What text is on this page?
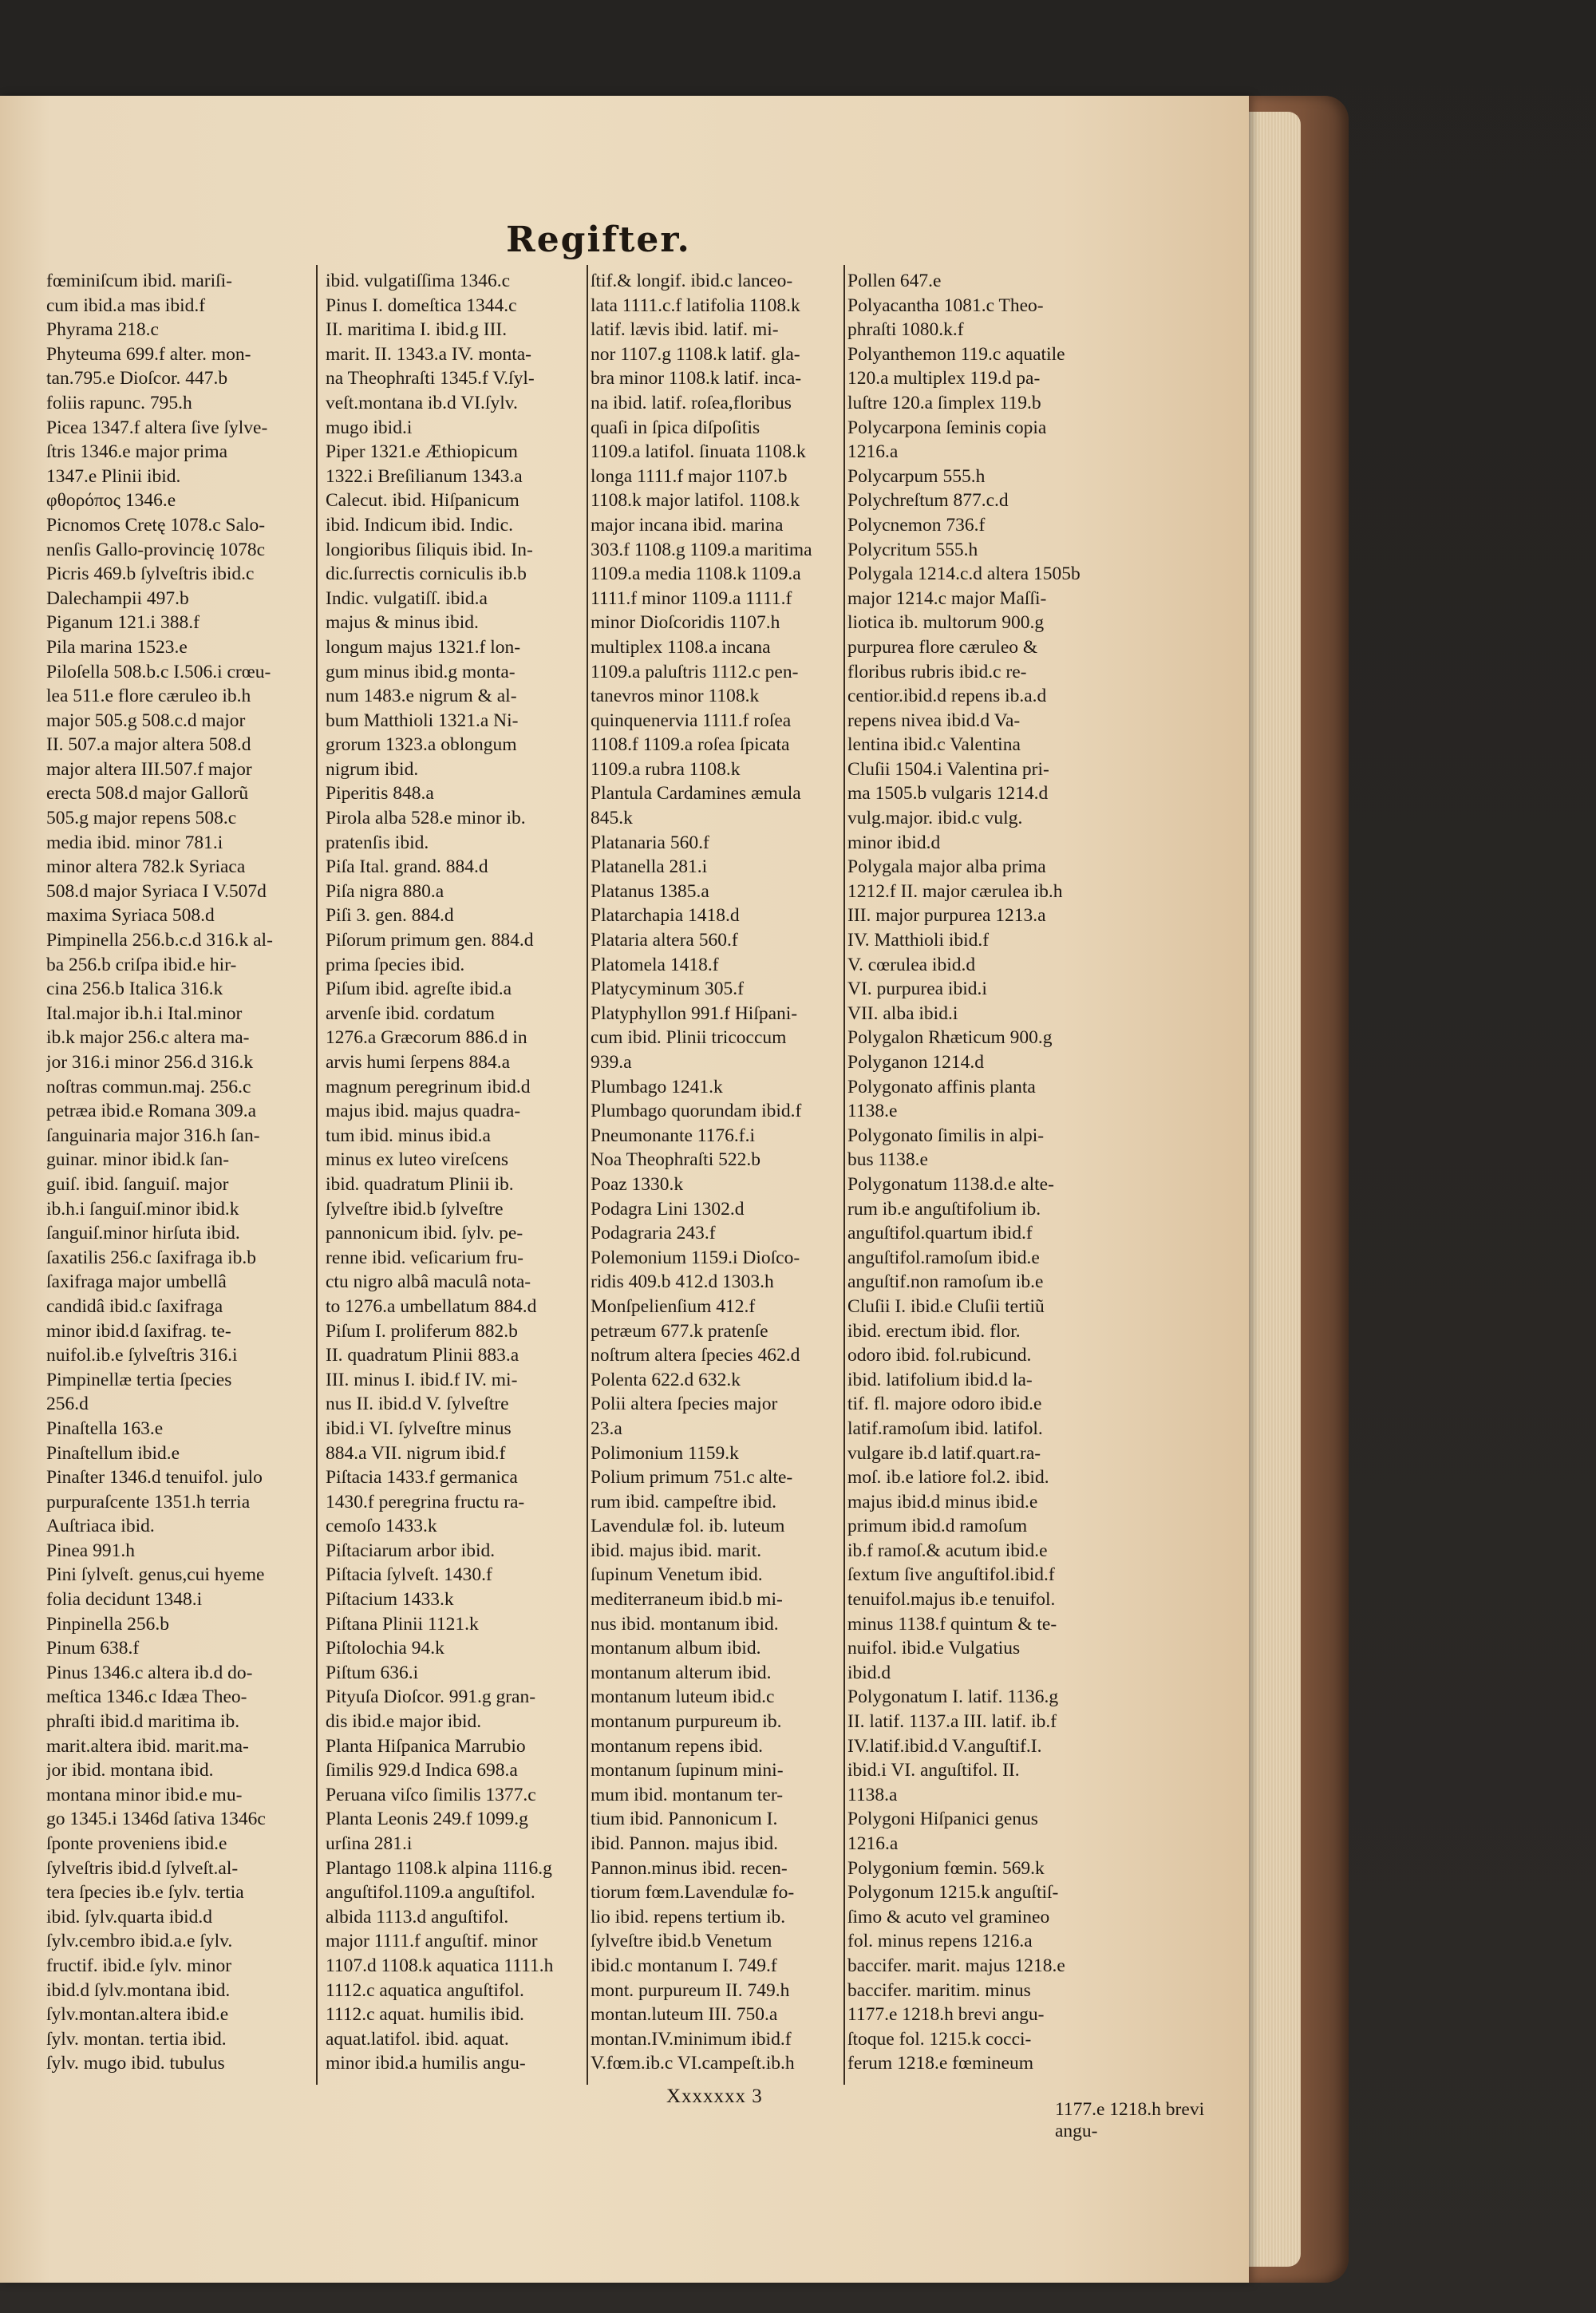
Regifter.
fœminiſcum ibid. mariſi-
cum ibid.a mas ibid.f
Phyrama 218.c
Phyteuma 699.f alter. mon-
tan.795.e Dioſcor. 447.b
foliis rapunc. 795.h
Picea 1347.f altera ſive ſylve-
ſtris 1346.e major prima
1347.e Plinii ibid.
φθορόπος 1346.e
Picnomos Cretę 1078.c Salo-
nenſis Gallo-provincię 1078c
Picris 469.b ſylveſtris ibid.c
Dalechampii 497.b
Piganum 121.i 388.f
Pila marina 1523.e
Piloſella 508.b.c I.506.i crœu-
lea 511.e flore cæruleo ib.h
major 505.g 508.c.d major
II. 507.a major altera 508.d
major altera III.507.f major
erecta 508.d major Gallorũ
505.g major repens 508.c
media ibid. minor 781.i
minor altera 782.k Syriaca
508.d major Syriaca I V.507d
maxima Syriaca 508.d
Pimpinella 256.b.c.d 316.k al-
ba 256.b criſpa ibid.e hir-
cina 256.b Italica 316.k
Ital.major ib.h.i Ital.minor
ib.k major 256.c altera ma-
jor 316.i minor 256.d 316.k
noſtras commun.maj. 256.c
petræa ibid.e Romana 309.a
ſanguinaria major 316.h ſan-
guinar. minor ibid.k ſan-
guiſ. ibid. ſanguiſ. major
ib.h.i ſanguiſ.minor ibid.k
ſanguiſ.minor hirſuta ibid.
ſaxatilis 256.c ſaxifraga ib.b
ſaxifraga major umbellâ
candidâ ibid.c ſaxifraga
minor ibid.d ſaxifrag. te-
nuifol.ib.e ſylveſtris 316.i
Pimpinellæ tertia ſpecies
256.d
Pinaſtella 163.e
Pinaſtellum ibid.e
Pinaſter 1346.d tenuifol. julo
purpuraſcente 1351.h terria
Auſtriaca ibid.
Pinea 991.h
Pini ſylveſt. genus,cui hyeme
folia decidunt 1348.i
Pinpinella 256.b
Pinum 638.f
Pinus 1346.c altera ib.d do-
meſtica 1346.c Idæa Theo-
phraſti ibid.d maritima ib.
marit.altera ibid. marit.ma-
jor ibid. montana ibid.
montana minor ibid.e mu-
go 1345.i 1346d ſativa 1346c
ſponte proveniens ibid.e
ſylveſtris ibid.d ſylveſt.al-
tera ſpecies ib.e ſylv. tertia
ibid. ſylv.quarta ibid.d
ſylv.cembro ibid.a.e ſylv.
fructif. ibid.e ſylv. minor
ibid.d ſylv.montana ibid.
ſylv.montan.altera ibid.e
ſylv. montan. tertia ibid.
ſylv. mugo ibid. tubulus
ibid. vulgatiſſima 1346.c
Pinus I. domeſtica 1344.c
II. maritima I. ibid.g III.
marit. II. 1343.a IV. monta-
na Theophraſti 1345.f V.ſyl-
veſt.montana ib.d VI.ſylv.
mugo ibid.i
Piper 1321.e Æthiopicum
1322.i Breſilianum 1343.a
Calecut. ibid. Hiſpanicum
ibid. Indicum ibid. Indic.
longioribus ſiliquis ibid. In-
dic.ſurrectis corniculis ib.b
Indic. vulgatiſſ. ibid.a
majus & minus ibid.
longum majus 1321.f lon-
gum minus ibid.g monta-
num 1483.e nigrum & al-
bum Matthioli 1321.a Ni-
grorum 1323.a oblongum
nigrum ibid.
Piperitis 848.a
Pirola alba 528.e minor ib.
pratenſis ibid.
Piſa Ital. grand. 884.d
Piſa nigra 880.a
Piſi 3. gen. 884.d
Piſorum primum gen. 884.d
prima ſpecies ibid.
Piſum ibid. agreſte ibid.a
arvenſe ibid. cordatum
1276.a Græcorum 886.d in
arvis humi ſerpens 884.a
magnum peregrinum ibid.d
majus ibid. majus quadra-
tum ibid. minus ibid.a
minus ex luteo vireſcens
ibid. quadratum Plinii ib.
ſylveſtre ibid.b ſylveſtre
pannonicum ibid. ſylv. pe-
renne ibid. veſicarium fru-
ctu nigro albâ maculâ nota-
to 1276.a umbellatum 884.d
Piſum I. proliferum 882.b
II. quadratum Plinii 883.a
III. minus I. ibid.f IV. mi-
nus II. ibid.d V. ſylveſtre
ibid.i VI. ſylveſtre minus
884.a VII. nigrum ibid.f
Piſtacia 1433.f germanica
1430.f peregrina fructu ra-
cemoſo 1433.k
Piſtaciarum arbor ibid.
Piſtacia ſylveſt. 1430.f
Piſtacium 1433.k
Piſtana Plinii 1121.k
Piſtolochia 94.k
Piſtum 636.i
Pityuſa Dioſcor. 991.g gran-
dis ibid.e major ibid.
Planta Hiſpanica Marrubio
ſimilis 929.d Indica 698.a
Peruana viſco ſimilis 1377.c
Planta Leonis 249.f 1099.g
urſina 281.i
Plantago 1108.k alpina 1116.g
anguſtifol.1109.a anguſtifol.
albida 1113.d anguſtifol.
major 1111.f anguſtif. minor
1107.d 1108.k aquatica 1111.h
1112.c aquatica anguſtifol.
1112.c aquat. humilis ibid.
aquat.latifol. ibid. aquat.
minor ibid.a humilis angu-
ſtif.& longif. ibid.c lanceo-
lata 1111.c.f latifolia 1108.k
latif. lævis ibid. latif. mi-
nor 1107.g 1108.k latif. gla-
bra minor 1108.k latif. inca-
na ibid. latif. roſea,floribus
quaſi in ſpica diſpoſitis
1109.a latifol. ſinuata 1108.k
longa 1111.f major 1107.b
1108.k major latifol. 1108.k
major incana ibid. marina
303.f 1108.g 1109.a maritima
1109.a media 1108.k 1109.a
1111.f minor 1109.a 1111.f
minor Dioſcoridis 1107.h
multiplex 1108.a incana
1109.a paluſtris 1112.c pen-
tanevros minor 1108.k
quinquenervia 1111.f roſea
1108.f 1109.a roſea ſpicata
1109.a rubra 1108.k
Plantula Cardamines æmula
845.k
Platanaria 560.f
Platanella 281.i
Platanus 1385.a
Platarchapia 1418.d
Plataria altera 560.f
Platomela 1418.f
Platycyminum 305.f
Platyphyllon 991.f Hiſpani-
cum ibid. Plinii tricoccum
939.a
Plumbago 1241.k
Plumbago quorundam ibid.f
Pneumonante 1176.f.i
Noa Theophraſti 522.b
Poaz 1330.k
Podagra Lini 1302.d
Podagraria 243.f
Polemonium 1159.i Dioſco-
ridis 409.b 412.d 1303.h
Monſpelienſium 412.f
petræum 677.k pratenſe
noſtrum altera ſpecies 462.d
Polenta 622.d 632.k
Polii altera ſpecies major
23.a
Polimonium 1159.k
Polium primum 751.c alte-
rum ibid. campeſtre ibid.
Lavendulæ fol. ib. luteum
ibid. majus ibid. marit.
ſupinum Venetum ibid.
mediterraneum ibid.b mi-
nus ibid. montanum ibid.
montanum album ibid.
montanum alterum ibid.
montanum luteum ibid.c
montanum purpureum ib.
montanum repens ibid.
montanum ſupinum mini-
mum ibid. montanum ter-
tium ibid. Pannonicum I.
ibid. Pannon. majus ibid.
Pannon.minus ibid. recen-
tiorum fœm.Lavendulæ fo-
lio ibid. repens tertium ib.
ſylveſtre ibid.b Venetum
ibid.c montanum I. 749.f
mont. purpureum II. 749.h
montan.luteum III. 750.a
montan.IV.minimum ibid.f
V.fœm.ib.c VI.campeſt.ib.h
Pollen 647.e
Polyacantha 1081.c Theo-
phraſti 1080.k.f
Polyanthemon 119.c aquatile
120.a multiplex 119.d pa-
luſtre 120.a ſimplex 119.b
Polycarpona ſeminis copia
1216.a
Polycarpum 555.h
Polychreſtum 877.c.d
Polycnemon 736.f
Polycritum 555.h
Polygala 1214.c.d altera 1505b
major 1214.c major Maſſi-
liotica ib. multorum 900.g
purpurea flore cæruleo &
floribus rubris ibid.c re-
centior.ibid.d repens ib.a.d
repens nivea ibid.d Va-
lentina ibid.c Valentina
Cluſii 1504.i Valentina pri-
ma 1505.b vulgaris 1214.d
vulg.major. ibid.c vulg.
minor ibid.d
Polygala major alba prima
1212.f II. major cærulea ib.h
III. major purpurea 1213.a
IV. Matthioli ibid.f
V. cœrulea ibid.d
VI. purpurea ibid.i
VII. alba ibid.i
Polygalon Rhæticum 900.g
Polyganon 1214.d
Polygonato affinis planta
1138.e
Polygonato ſimilis in alpi-
bus 1138.e
Polygonatum 1138.d.e alte-
rum ib.e anguſtifolium ib.
anguſtifol.quartum ibid.f
anguſtifol.ramoſum ibid.e
anguſtif.non ramoſum ib.e
Cluſii I. ibid.e Cluſii tertiũ
ibid. erectum ibid. flor.
odoro ibid. fol.rubicund.
ibid. latifolium ibid.d la-
tif. fl. majore odoro ibid.e
latif.ramoſum ibid. latifol.
vulgare ib.d latif.quart.ra-
moſ. ib.e latiore fol.2. ibid.
majus ibid.d minus ibid.e
primum ibid.d ramoſum
ib.f ramoſ.& acutum ibid.e
ſextum ſive anguſtifol.ibid.f
tenuifol.majus ib.e tenuifol.
minus 1138.f quintum & te-
nuifol. ibid.e Vulgatius
ibid.d
Polygonatum I. latif. 1136.g
II. latif. 1137.a III. latif. ib.f
IV.latif.ibid.d V.anguſtif.I.
ibid.i VI. anguſtifol. II.
1138.a
Polygoni Hiſpanici genus
1216.a
Polygonium fœmin. 569.k
Polygonum 1215.k anguſtiſ-
ſimo & acuto vel gramineo
fol. minus repens 1216.a
baccifer. marit. majus 1218.e
baccifer. maritim. minus
1177.e 1218.h brevi angu-
ſtoque fol. 1215.k cocci-
ferum 1218.e fœmineum
Xxxxxxx 3
1177.e 1218.h brevi angu-
